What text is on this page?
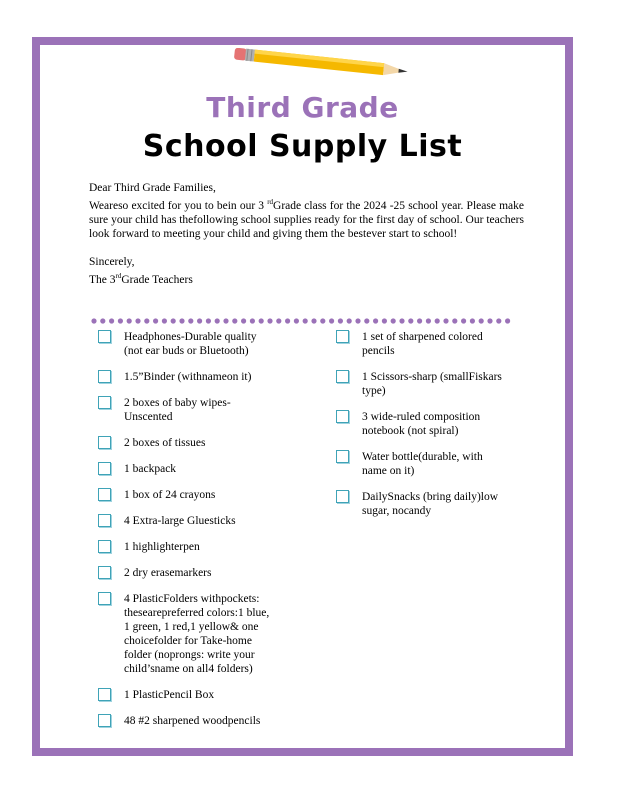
Third Grade
School Supply List

Dear Third Grade Families,

Weareso excited for you to bein our 3 $^{rd}$Grade class for the 2024 -25 school year. Please make sure your child has thefollowing school supplies ready for the first day of school. Our teachers look forward to meeting your child and giving them the bestever start to school!

Sincerely,

The 3rdGrade Teachers

Headphones-Durable quality
(not ear buds or Bluetooth)
1.5”Binder (withnameon it)
2 boxes of baby wipes-
Unscented
2 boxes of tissues
1 backpack
1 box of 24 crayons
4 Extra-large Gluesticks
1 highlighterpen
2 dry erasemarkers
4 PlasticFolders withpockets:
thesearepreferred colors:1 blue,
1 green, 1 red,1 yellow& one
choicefolder for Take-home
folder (noprongs: write your
child’sname on all4 folders)
1 PlasticPencil Box
48 #2 sharpened woodpencils
1 set of sharpened colored
pencils
1 Scissors-sharp (smallFiskars
type)
3 wide-ruled composition
notebook (not spiral)
Water bottle(durable, with
name on it)
DailySnacks (bring daily)low
sugar, nocandy
